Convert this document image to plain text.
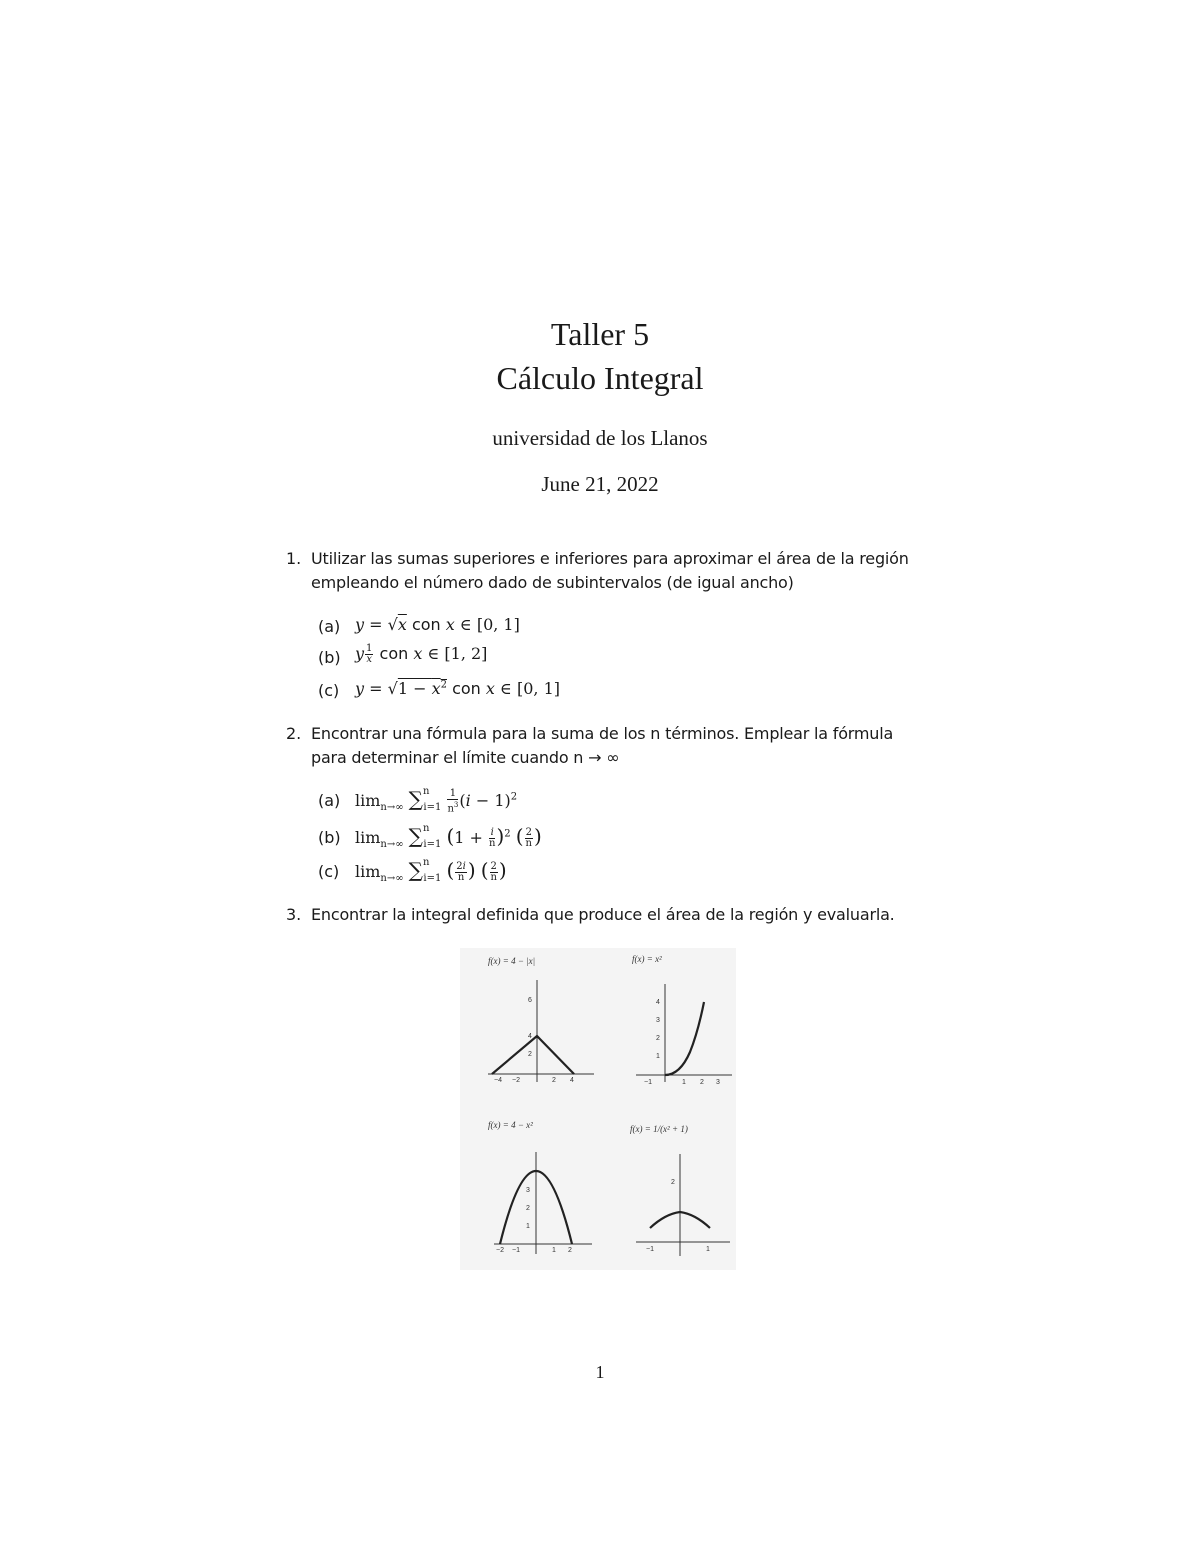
Taller 5
Cálculo Integral
universidad de los Llanos
June 21, 2022
1. Utilizar las sumas superiores e inferiores para aproximar el área de la región
empleando el número dado de subintervalos (de igual ancho)
(a) y = √x con x ∈ [0, 1]
(b) y $\frac{1}{x}$ con x ∈ [1, 2]
(c) $y = √1 - x^2$ con x ∈ [0, 1]
2. Encontrar una fórmula para la suma de los n términos. Emplear la fórmula
para determinar el límite cuando n → ∞
(a) $\lim_{n\to\infty} \sum^n_{i=1} \frac{1}{n^3} (i - 1)^2$
(b) $\lim_{n\to\infty} \sum^n_{i=1}$ $(1 + \frac{i}{n} )^2$ ( $\frac{2}{n}$ )
(c) $\lim_{n\to\infty} \sum^n_{i=1}$ ( $\frac{2i}{n}$ ) ( $\frac{2}{n}$ )
3. Encontrar la integral definida que produce el área de la región y evaluarla.
f(x) = 4 − |x|
−4 −2	2 4
2
4
6
f(x) = x²
−1	1 2 3
1
2
3
4
f(x) = 4 − x²
−2 −1	1 2
1
2
3
f(x) = 1/(x² + 1)
−1	1
2
1
